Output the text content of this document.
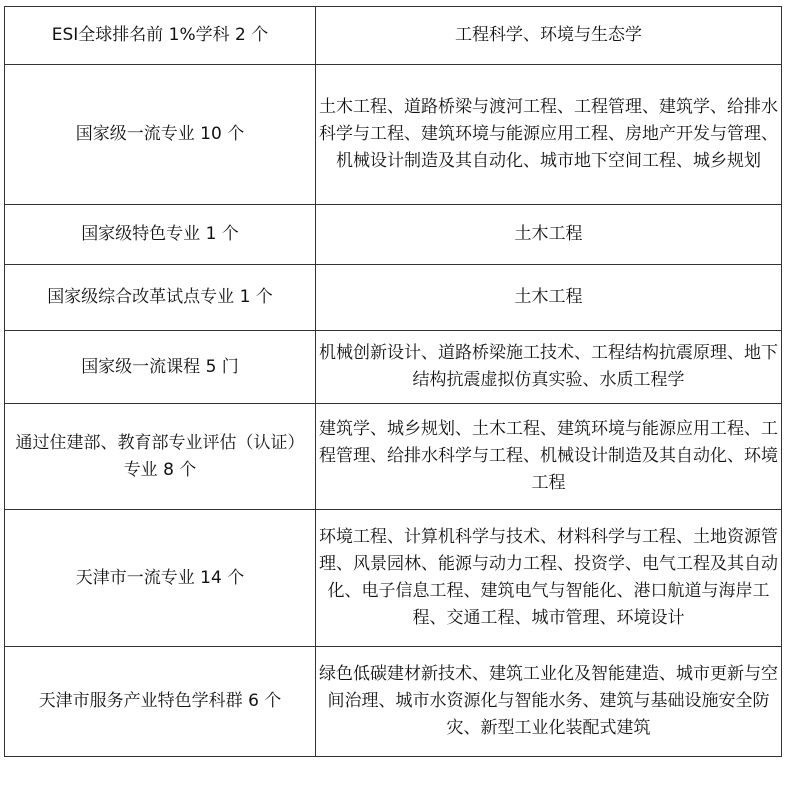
ESI全球排名前 1%学科 2 个	工程科学、环境与生态学
国家级一流专业 10 个	土木工程、道路桥梁与渡河工程、工程管理、建筑学、给排水科学与工程、建筑环境与能源应用工程、房地产开发与管理、机械设计制造及其自动化、城市地下空间工程、城乡规划
国家级特色专业 1 个	土木工程
国家级综合改革试点专业 1 个	土木工程
国家级一流课程 5 门	机械创新设计、道路桥梁施工技术、工程结构抗震原理、地下结构抗震虚拟仿真实验、水质工程学
通过住建部、教育部专业评估（认证）专业 8 个	建筑学、城乡规划、土木工程、建筑环境与能源应用工程、工程管理、给排水科学与工程、机械设计制造及其自动化、环境工程
天津市一流专业 14 个	环境工程、计算机科学与技术、材料科学与工程、土地资源管理、风景园林、能源与动力工程、投资学、电气工程及其自动化、电子信息工程、建筑电气与智能化、港口航道与海岸工程、交通工程、城市管理、环境设计
天津市服务产业特色学科群 6 个	绿色低碳建材新技术、建筑工业化及智能建造、城市更新与空间治理、城市水资源化与智能水务、建筑与基础设施安全防灾、新型工业化装配式建筑
